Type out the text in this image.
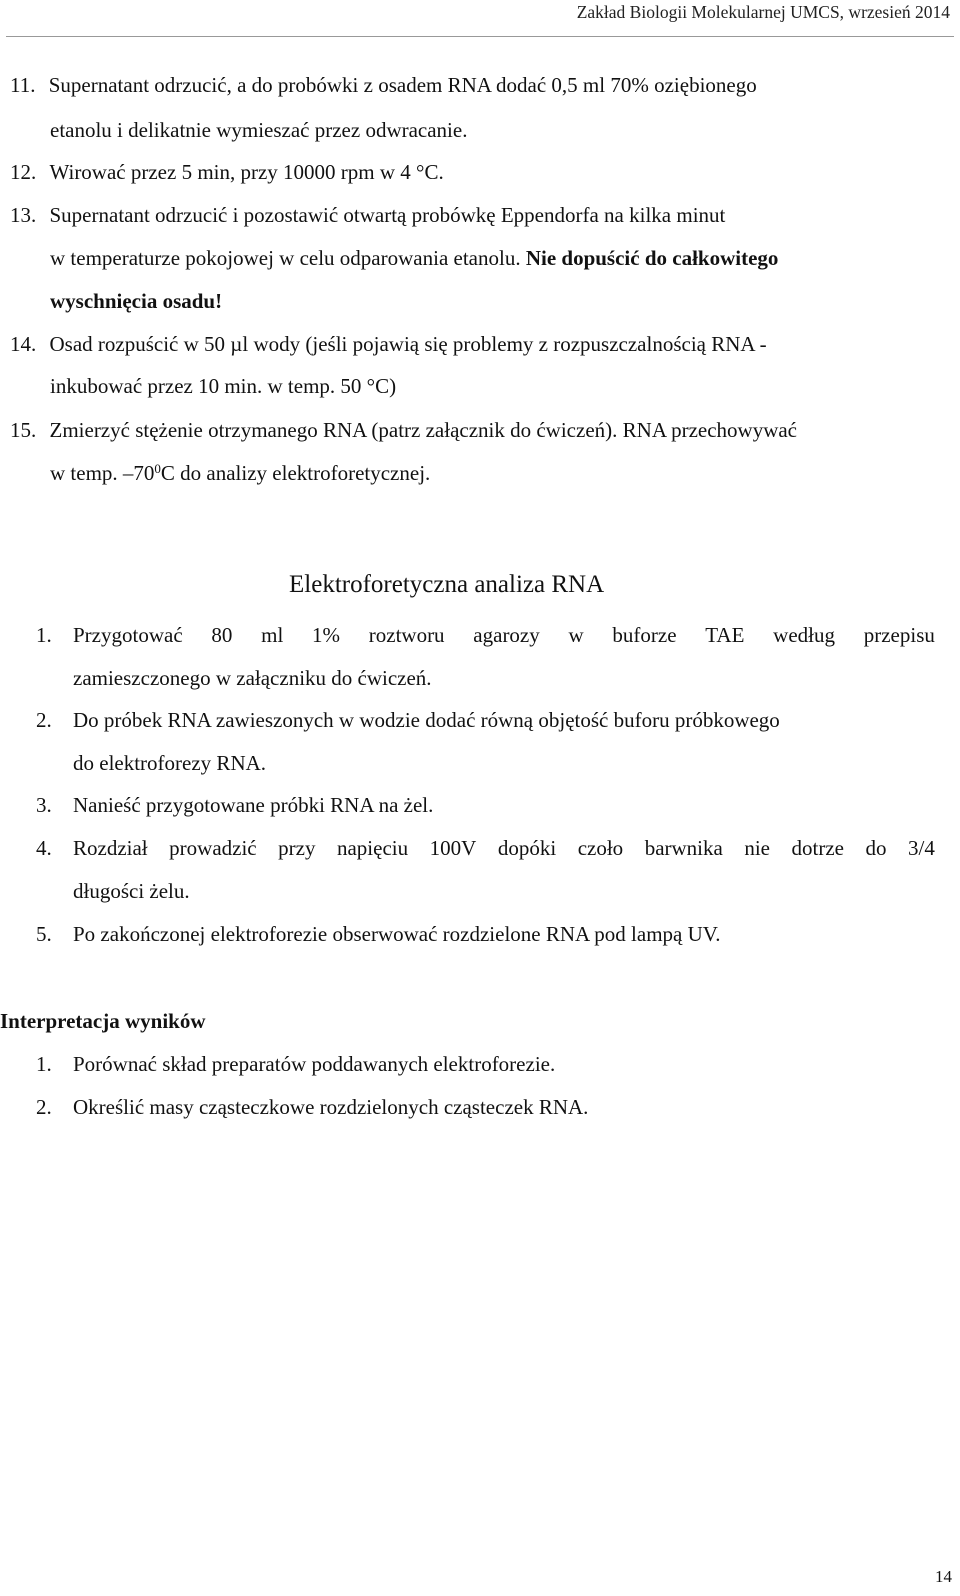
Zakład Biologii Molekularnej UMCS, wrzesień 2014
11. Supernatant odrzucić, a do probówki z osadem RNA dodać 0,5 ml 70% oziębionego
etanolu i delikatnie wymieszać przez odwracanie.
12. Wirować przez 5 min, przy 10000 rpm w 4 °C.
13. Supernatant odrzucić i pozostawić otwartą probówkę Eppendorfa na kilka minut
w temperaturze pokojowej w celu odparowania etanolu. Nie dopuścić do całkowitego
wyschnięcia osadu!
14. Osad rozpuścić w 50 µl wody (jeśli pojawią się problemy z rozpuszczalnością RNA -
inkubować przez 10 min. w temp. 50 °C)
15. Zmierzyć stężenie otrzymanego RNA (patrz załącznik do ćwiczeń). RNA przechowywać
w temp. $-70^0C$ do analizy elektroforetycznej.
Elektroforetyczna analiza RNA
1. Przygotować 80 ml 1% roztworu agarozy w buforze TAE według przepisu
zamieszczonego w załączniku do ćwiczeń.
2. Do próbek RNA zawieszonych w wodzie dodać równą objętość buforu próbkowego
do elektroforezy RNA.
3. Nanieść przygotowane próbki RNA na żel.
4. Rozdział prowadzić przy napięciu 100V dopóki czoło barwnika nie dotrze do 3/4
długości żelu.
5. Po zakończonej elektroforezie obserwować rozdzielone RNA pod lampą UV.
Interpretacja wyników
1. Porównać skład preparatów poddawanych elektroforezie.
2. Określić masy cząsteczkowe rozdzielonych cząsteczek RNA.
14
